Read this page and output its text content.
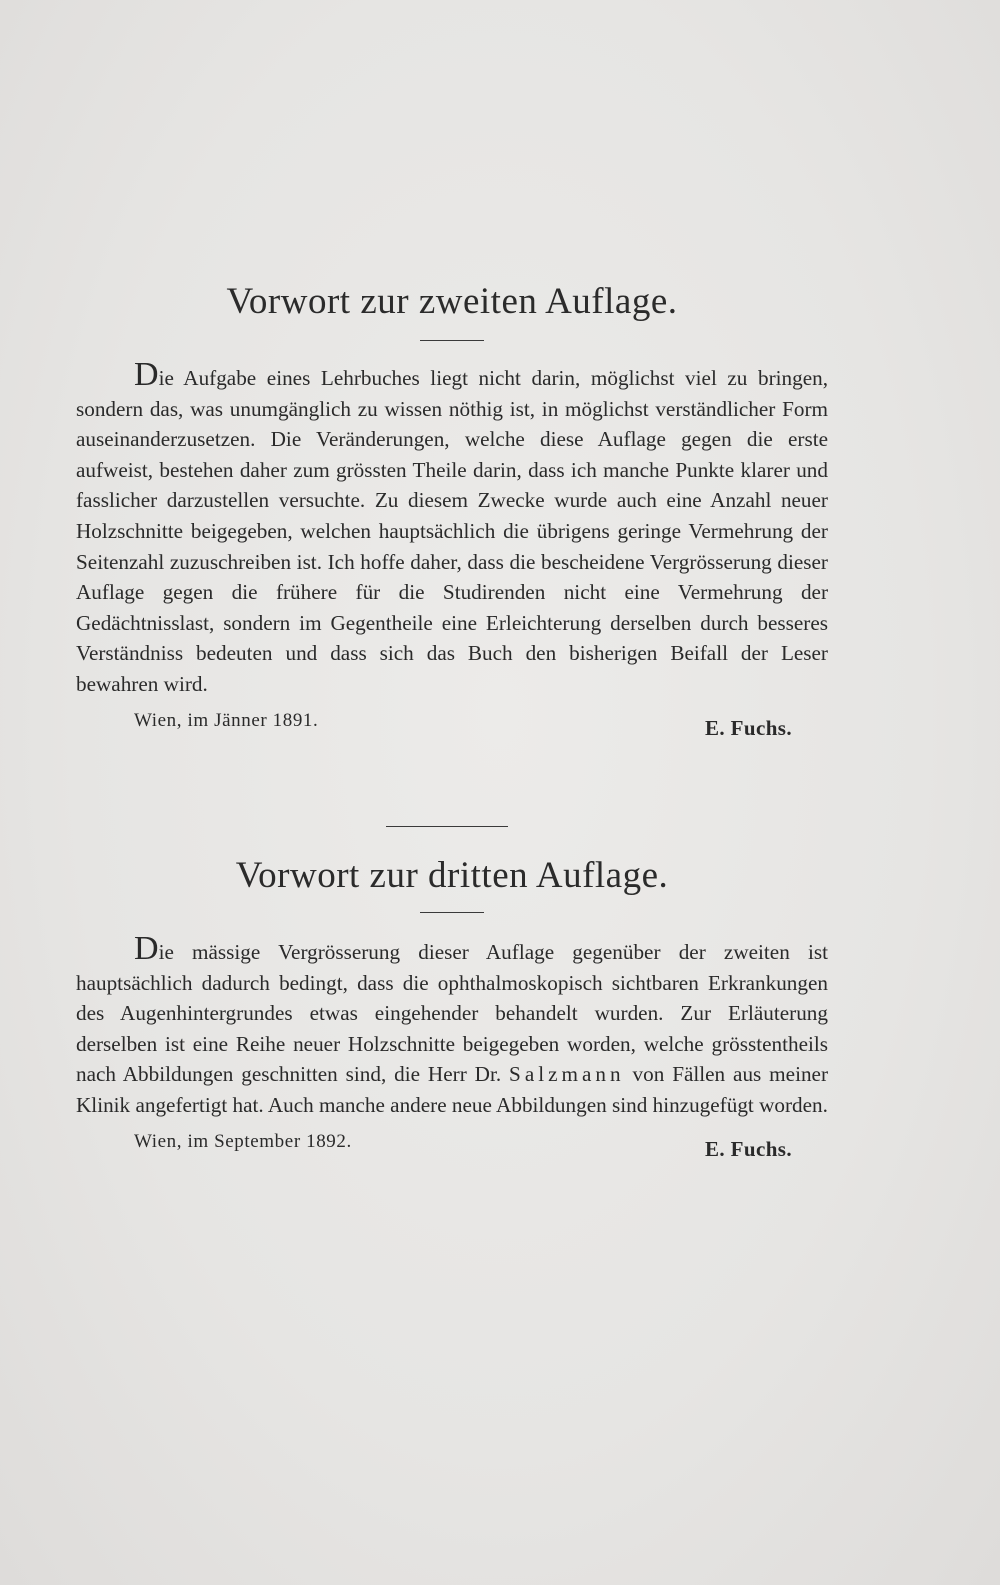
Vorwort zur zweiten Auflage.

Die Aufgabe eines Lehrbuches liegt nicht darin, möglichst viel zu bringen, sondern das, was unumgänglich zu wissen nöthig ist, in möglichst verständlicher Form auseinanderzusetzen. Die Veränderungen, welche diese Auflage gegen die erste aufweist, bestehen daher zum grössten Theile darin, dass ich manche Punkte klarer und fasslicher darzustellen versuchte. Zu diesem Zwecke wurde auch eine Anzahl neuer Holzschnitte beigegeben, welchen hauptsächlich die übrigens geringe Vermehrung der Seitenzahl zuzuschreiben ist. Ich hoffe daher, dass die bescheidene Vergrösserung dieser Auflage gegen die frühere für die Studirenden nicht eine Vermehrung der Gedächtnisslast, sondern im Gegentheile eine Erleichterung derselben durch besseres Verständniss bedeuten und dass sich das Buch den bisherigen Beifall der Leser bewahren wird.

Wien, im Jänner 1891.	E. Fuchs.
Vorwort zur dritten Auflage.

Die mässige Vergrösserung dieser Auflage gegenüber der zweiten ist hauptsächlich dadurch bedingt, dass die ophthalmoskopisch sichtbaren Erkrankungen des Augenhintergrundes etwas eingehender behandelt wurden. Zur Erläuterung derselben ist eine Reihe neuer Holzschnitte beigegeben worden, welche grösstentheils nach Abbildungen geschnitten sind, die Herr Dr. Salzmann von Fällen aus meiner Klinik angefertigt hat. Auch manche andere neue Abbildungen sind hinzugefügt worden.

Wien, im September 1892.	E. Fuchs.
